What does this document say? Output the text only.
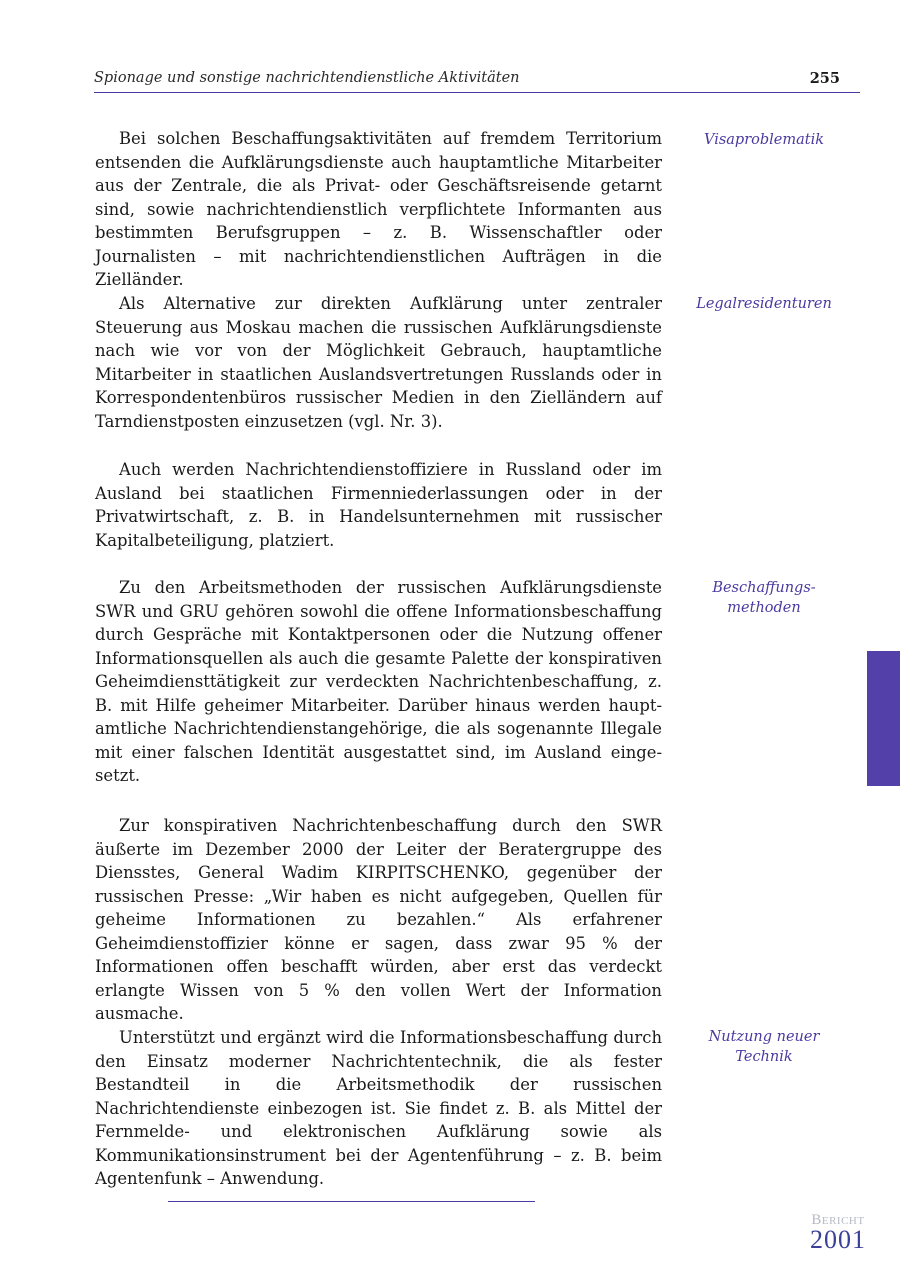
Spionage und sonstige nachrichtendienstliche Aktivitäten	255

Bei solchen Beschaffungsaktivitäten auf fremdem Territorium entsenden die Aufklärungsdienste auch hauptamtliche Mitarbeiter aus der Zentrale, die als Privat- oder Geschäftsreisende getarnt sind, sowie nachrichtendienstlich verpflichtete Informanten aus bestimmten Berufsgruppen – z. B. Wissenschaftler oder Journalisten – mit nachrichtendienstlichen Aufträgen in die Zielländer.

Als Alternative zur direkten Aufklärung unter zentraler Steuerung aus Moskau machen die russischen Aufklärungsdienste nach wie vor von der Möglichkeit Gebrauch, hauptamtliche Mitarbeiter in staatlichen Auslandsvertretungen Russlands oder in Korrespondentenbüros russischer Medien in den Zielländern auf Tarndienstposten einzusetzen (vgl. Nr. 3).

Auch werden Nachrichtendienstoffiziere in Russland oder im Ausland bei staatlichen Firmenniederlassungen oder in der Privatwirtschaft, z. B. in Handelsunternehmen mit russischer Kapitalbeteiligung, platziert.

Zu den Arbeitsmethoden der russischen Aufklärungsdienste SWR und GRU gehören sowohl die offene Informationsbeschaffung durch Gespräche mit Kontaktpersonen oder die Nutzung offener Informationsquellen als auch die gesamte Palette der konspirativen Geheimdiensttätigkeit zur verdeckten Nachrichtenbeschaffung, z. B. mit Hilfe geheimer Mitarbeiter. Darüber hinaus werden hauptamtliche Nachrichtendienstangehörige, die als sogenannte Illegale mit einer falschen Identität ausgestattet sind, im Ausland eingesetzt.

Zur konspirativen Nachrichtenbeschaffung durch den SWR äußerte im Dezember 2000 der Leiter der Beratergruppe des Diensstes, General Wadim KIRPITSCHENKO, gegenüber der russischen Presse: „Wir haben es nicht aufgegeben, Quellen für geheime Informationen zu bezahlen.“ Als erfahrener Geheimdienstoffizier könne er sagen, dass zwar 95 % der Informationen offen beschafft würden, aber erst das verdeckt erlangte Wissen von 5 % den vollen Wert der Information ausmache.

Unterstützt und ergänzt wird die Informationsbeschaffung durch den Einsatz moderner Nachrichtentechnik, die als fester Bestandteil in die Arbeitsmethodik der russischen Nachrichtendienste einbezogen ist. Sie findet z. B. als Mittel der Fernmelde- und elektronischen Aufklärung sowie als Kommunikationsinstrument bei der Agentenführung – z. B. beim Agentenfunk – Anwendung.

Visaproblematik
Legalresidenturen
Beschaffungs-
methoden
Nutzung neuer
Technik
Bericht
2001
